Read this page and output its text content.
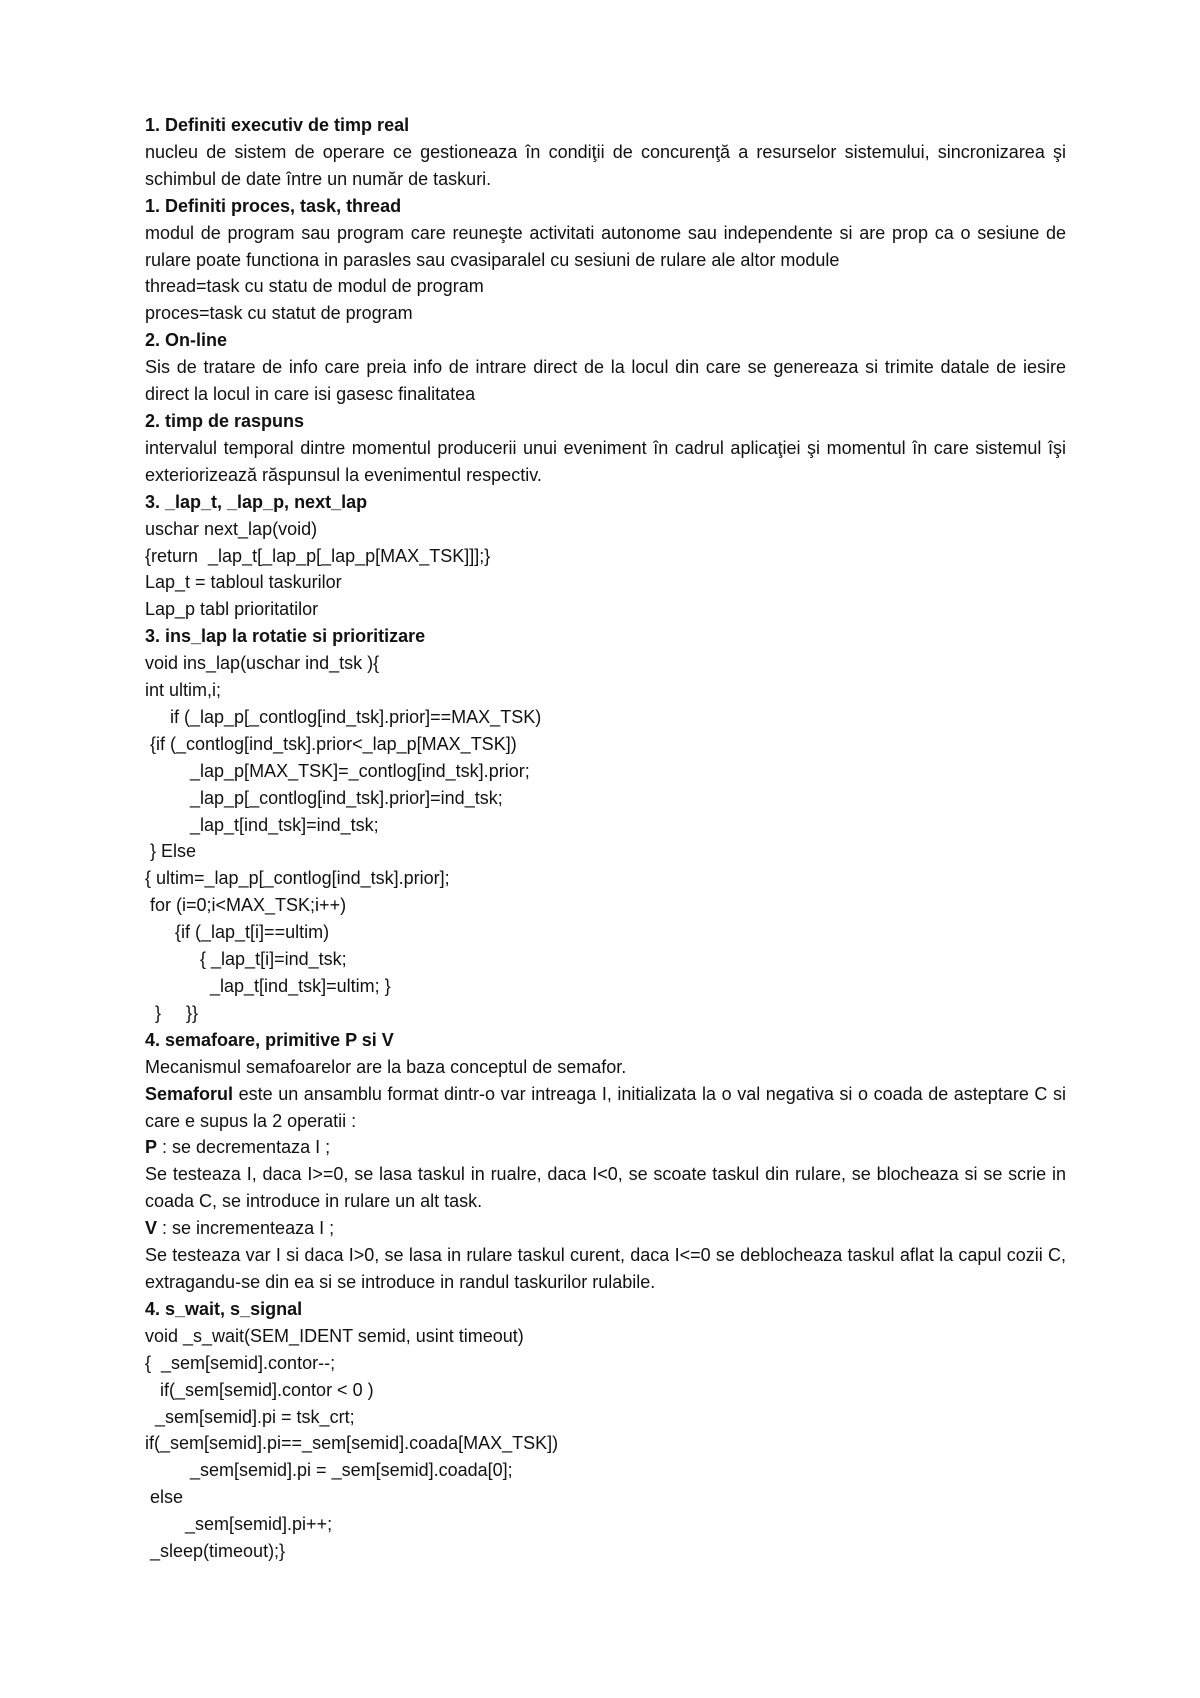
1. Definiti executiv de timp real

nucleu de sistem de operare ce gestioneaza în condiţii de concurenţă a resurselor sistemului, sincronizarea şi schimbul de date între un număr de taskuri.

1. Definiti proces, task, thread

modul de program sau program care reuneşte activitati autonome sau independente si are prop ca o sesiune de rulare poate functiona in parasles sau cvasiparalel cu sesiuni de rulare ale altor module

thread=task cu statu de modul de program

proces=task cu statut de program

2. On-line

Sis de tratare de info care preia info de intrare direct de la locul din care se genereaza si trimite datale de iesire direct la locul in care isi gasesc finalitatea

2. timp de raspuns

intervalul temporal dintre momentul producerii unui eveniment în cadrul aplicaţiei şi momentul în care sistemul îşi exteriorizează răspunsul la evenimentul respectiv.

3. _lap_t, _lap_p, next_lap

uschar next_lap(void)

{return  _lap_t[_lap_p[_lap_p[MAX_TSK]]];}

Lap_t = tabloul taskurilor

Lap_p tabl prioritatilor

3. ins_lap la rotatie si prioritizare

void ins_lap(uschar ind_tsk ){

int ultim,i;

if (_lap_p[_contlog[ind_tsk].prior]==MAX_TSK)

{if (_contlog[ind_tsk].prior<_lap_p[MAX_TSK])

_lap_p[MAX_TSK]=_contlog[ind_tsk].prior;

_lap_p[_contlog[ind_tsk].prior]=ind_tsk;

_lap_t[ind_tsk]=ind_tsk;

} Else

{ ultim=_lap_p[_contlog[ind_tsk].prior];

for (i=0;i<MAX_TSK;i++)

{if (_lap_t[i]==ultim)

{ _lap_t[i]=ind_tsk;

_lap_t[ind_tsk]=ultim; }

}     }}

4. semafoare, primitive P si V

Mecanismul semafoarelor are la baza conceptul de semafor.

Semaforul este un ansamblu format dintr-o var intreaga I, initializata la o val negativa si o coada de asteptare C si care e supus la 2 operatii :

P : se decrementaza I ;

Se testeaza I, daca I>=0, se lasa taskul in rualre, daca I<0, se scoate taskul din rulare, se blocheaza si se scrie in coada C, se introduce in rulare un alt task.

V : se incrementeaza I ;

Se testeaza var I si daca I>0, se lasa in rulare taskul curent, daca I<=0 se deblocheaza taskul aflat la capul cozii C, extragandu-se din ea si se introduce in randul taskurilor rulabile.

4. s_wait, s_signal

void _s_wait(SEM_IDENT semid, usint timeout)

{  _sem[semid].contor--;

if(_sem[semid].contor < 0 )

_sem[semid].pi = tsk_crt;

if(_sem[semid].pi==_sem[semid].coada[MAX_TSK])

_sem[semid].pi = _sem[semid].coada[0];

else

_sem[semid].pi++;

_sleep(timeout);}
